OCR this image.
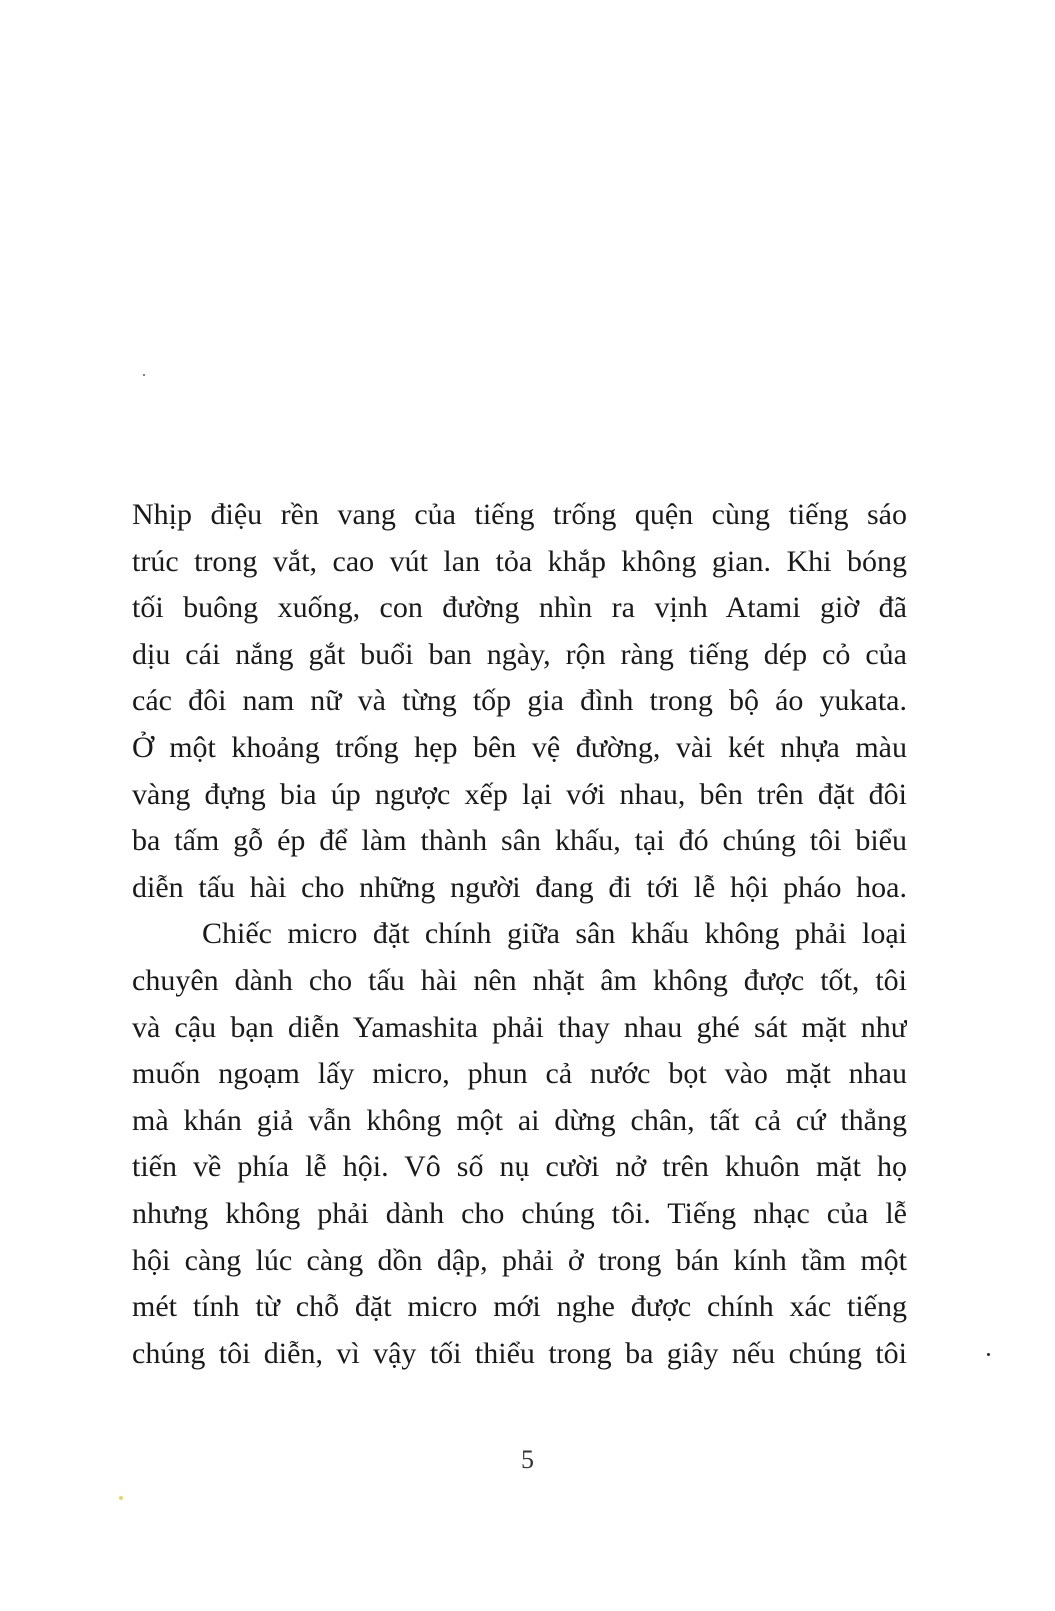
Nhịp điệu rền vang của tiếng trống quện cùng tiếng sáo
trúc trong vắt, cao vút lan tỏa khắp không gian. Khi bóng
tối buông xuống, con đường nhìn ra vịnh Atami giờ đã
dịu cái nắng gắt buổi ban ngày, rộn ràng tiếng dép cỏ của
các đôi nam nữ và từng tốp gia đình trong bộ áo yukata.
Ở một khoảng trống hẹp bên vệ đường, vài két nhựa màu
vàng đựng bia úp ngược xếp lại với nhau, bên trên đặt đôi
ba tấm gỗ ép để làm thành sân khấu, tại đó chúng tôi biểu
diễn tấu hài cho những người đang đi tới lễ hội pháo hoa.
Chiếc micro đặt chính giữa sân khấu không phải loại
chuyên dành cho tấu hài nên nhặt âm không được tốt, tôi
và cậu bạn diễn Yamashita phải thay nhau ghé sát mặt như
muốn ngoạm lấy micro, phun cả nước bọt vào mặt nhau
mà khán giả vẫn không một ai dừng chân, tất cả cứ thẳng
tiến về phía lễ hội. Vô số nụ cười nở trên khuôn mặt họ
nhưng không phải dành cho chúng tôi. Tiếng nhạc của lễ
hội càng lúc càng dồn dập, phải ở trong bán kính tầm một
mét tính từ chỗ đặt micro mới nghe được chính xác tiếng
chúng tôi diễn, vì vậy tối thiểu trong ba giây nếu chúng tôi
5
